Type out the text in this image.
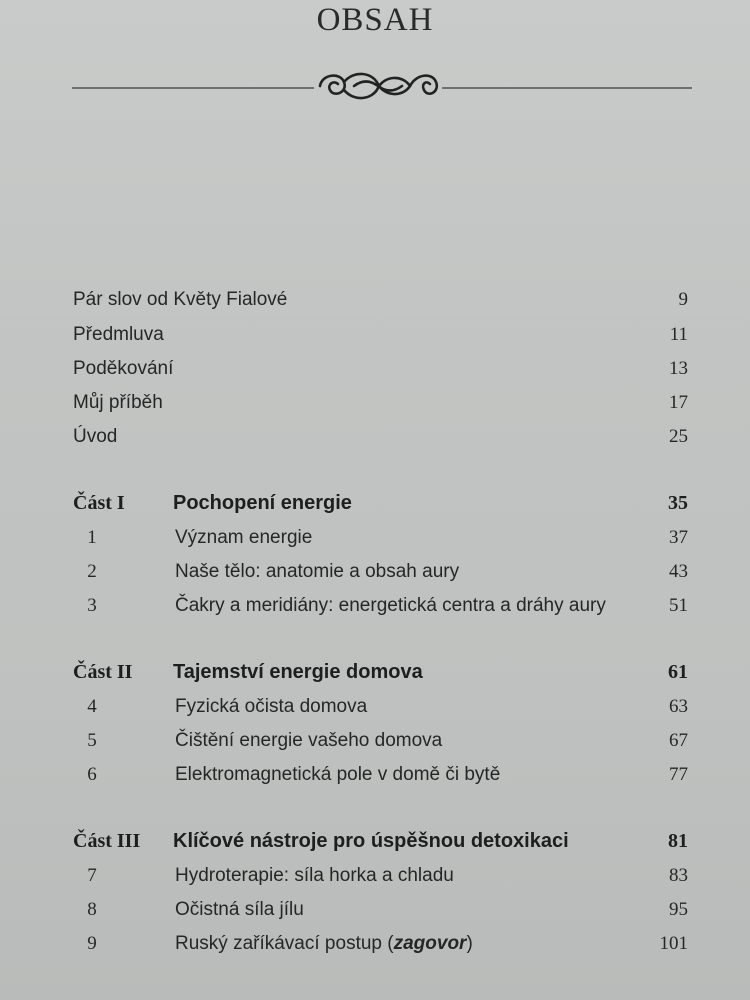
OBSAH
Pár slov od Květy Fialové	9
Předmluva	11
Poděkování	13
Můj příběh	17
Úvod	25
Část I Pochopení energie	35
1	Význam energie	37
2	Naše tělo: anatomie a obsah aury	43
3	Čakry a meridiány: energetická centra a dráhy aury	51
Část II Tajemství energie domova	61
4	Fyzická očista domova	63
5	Čištění energie vašeho domova	67
6	Elektromagnetická pole v domě či bytě	77
Část III Klíčové nástroje pro úspěšnou detoxikaci	81
7	Hydroterapie: síla horka a chladu	83
8	Očistná síla jílu	95
9	Ruský zaříkávací postup (zagovor)	101
